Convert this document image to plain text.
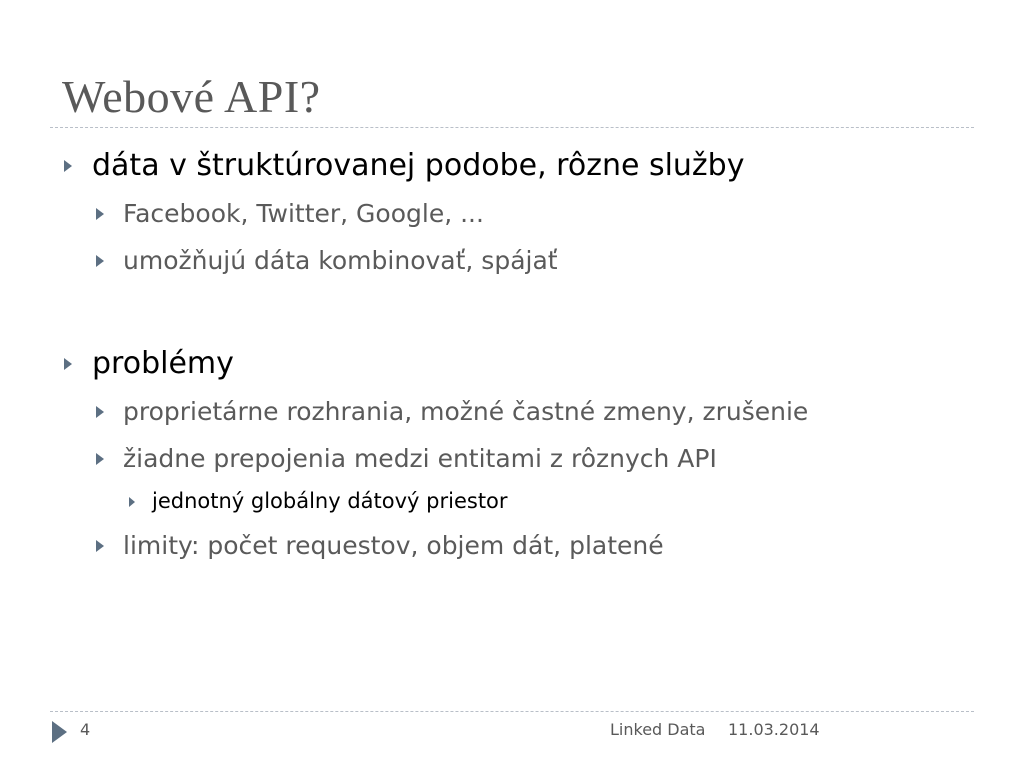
Webové API?
dáta v štruktúrovanej podobe, rôzne služby
Facebook, Twitter, Google, ...
umožňujú dáta kombinovať, spájať
problémy
proprietárne rozhrania, možné častné zmeny, zrušenie
žiadne prepojenia medzi entitami z rôznych API
jednotný globálny dátový priestor
limity: počet requestov, objem dát, platené
4	Linked Data 11.03.2014
